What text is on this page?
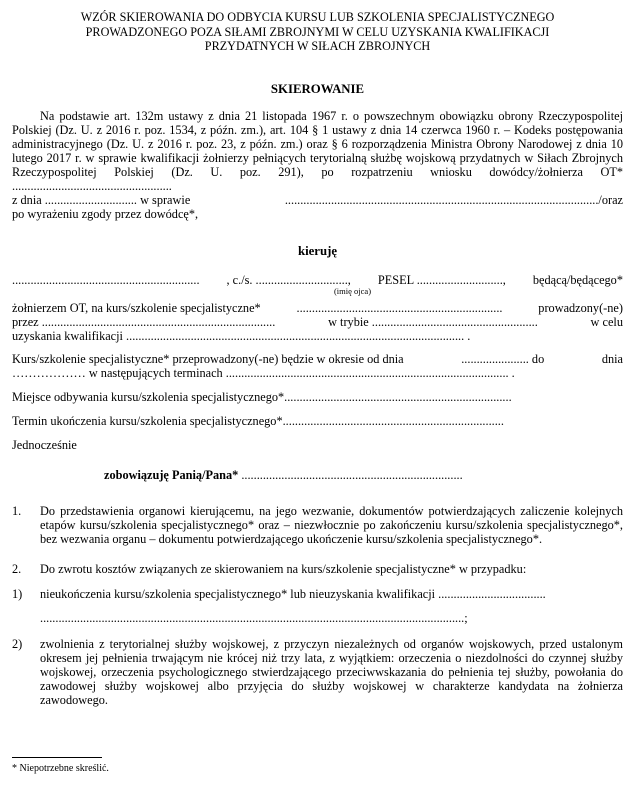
WZÓR SKIEROWANIA DO ODBYCIA KURSU LUB SZKOLENIA SPECJALISTYCZNEGO
PROWADZONEGO POZA SIŁAMI ZBROJNYMI W CELU UZYSKANIA KWALIFIKACJI
PRZYDATNYCH W SIŁACH ZBROJNYCH
SKIEROWANIE

Na podstawie art. 132m ustawy z dnia 21 listopada 1967 r. o powszechnym obowiązku obrony Rzeczypospolitej Polskiej (Dz. U. z 2016 r. poz. 1534, z późn. zm.), art. 104 § 1 ustawy z dnia 14 czerwca 1960 r. – Kodeks postępowania administracyjnego (Dz. U. z 2016 r. poz. 23, z późn. zm.) oraz § 6 rozporządzenia Ministra Obrony Narodowej z dnia 10 lutego 2017 r. w sprawie kwalifikacji żołnierzy pełniących terytorialną służbę wojskową przydatnych w Siłach Zbrojnych Rzeczypospolitej Polskiej (Dz. U. poz. 291), po rozpatrzeniu wniosku dowódcy/żołnierza OT* ....................................................

z dnia .............................. w sprawie	....................................................................................................../oraz

po wyrażeniu zgody przez dowódcę*,

kieruję
............................................................. , c./s. .............................., PESEL ............................, będącą/będącego*
(imię ojca)
żołnierzem OT, na kurs/szkolenie specjalistyczne*	...................................................................	prowadzony(-ne)
przez ............................................................................	w trybie ......................................................	w celu
uzyskania kwalifikacji .............................................................................................................. .
Kurs/szkolenie specjalistyczne* przeprowadzony(-ne) będzie w okresie od dnia	...................... do	dnia
……………… w następujących terminach ............................................................................................ .
Miejsce odbywania kursu/szkolenia specjalistycznego*..........................................................................
Termin ukończenia kursu/szkolenia specjalistycznego*........................................................................
Jednocześnie
zobowiązuję Panią/Pana* ........................................................................
1.	Do przedstawienia organowi kierującemu, na jego wezwanie, dokumentów potwierdzających zaliczenie kolejnych etapów kursu/szkolenia specjalistycznego* oraz – niezwłocznie po zakończeniu kursu/szkolenia specjalistycznego*, bez wezwania organu – dokumentu potwierdzającego ukończenie kursu/szkolenia specjalistycznego*.
2.	Do zwrotu kosztów związanych ze skierowaniem na kurs/szkolenie specjalistyczne* w przypadku:
1)	nieukończenia kursu/szkolenia specjalistycznego* lub nieuzyskania kwalifikacji ...................................
..........................................................................................................................................;
2)	zwolnienia z terytorialnej służby wojskowej, z przyczyn niezależnych od organów wojskowych, przed ustalonym okresem jej pełnienia trwającym nie krócej niż trzy lata, z wyjątkiem: orzeczenia o niezdolności do czynnej służby wojskowej, orzeczenia psychologicznego stwierdzającego przeciwwskazania do pełnienia tej służby, powołania do zawodowej służby wojskowej albo przyjęcia do służby wojskowej w charakterze kandydata na żołnierza zawodowego.
* Niepotrzebne skreślić.
